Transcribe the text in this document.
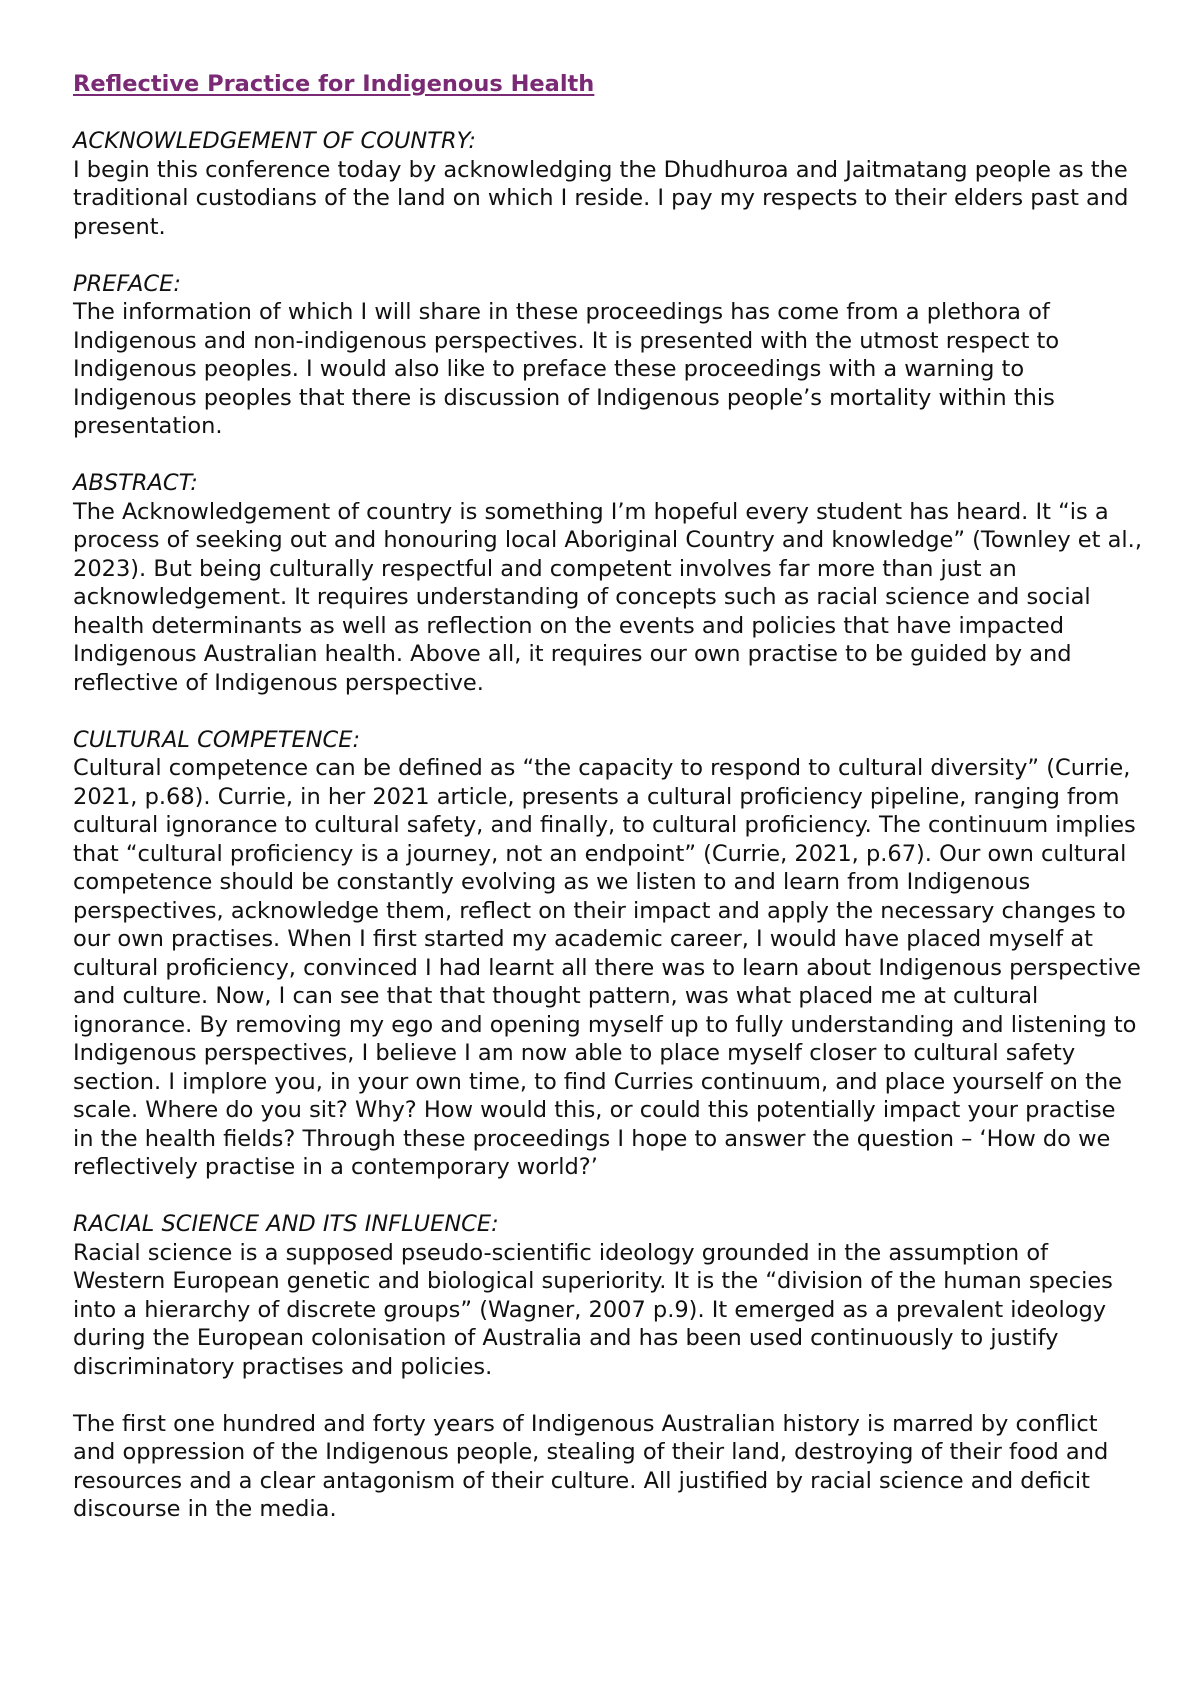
Reflective Practice for Indigenous Health
ACKNOWLEDGEMENT OF COUNTRY:
I begin this conference today by acknowledging the Dhudhuroa and Jaitmatang people as the traditional custodians of the land on which I reside. I pay my respects to their elders past and present.
PREFACE:
The information of which I will share in these proceedings has come from a plethora of Indigenous and non-indigenous perspectives. It is presented with the utmost respect to Indigenous peoples. I would also like to preface these proceedings with a warning to Indigenous peoples that there is discussion of Indigenous people’s mortality within this presentation.
ABSTRACT:
The Acknowledgement of country is something I’m hopeful every student has heard. It “is a process of seeking out and honouring local Aboriginal Country and knowledge” (Townley et al., 2023). But being culturally respectful and competent involves far more than just an acknowledgement. It requires understanding of concepts such as racial science and social health determinants as well as reflection on the events and policies that have impacted Indigenous Australian health. Above all, it requires our own practise to be guided by and reflective of Indigenous perspective.
CULTURAL COMPETENCE:
Cultural competence can be defined as “the capacity to respond to cultural diversity” (Currie, 2021, p.68). Currie, in her 2021 article, presents a cultural proficiency pipeline, ranging from cultural ignorance to cultural safety, and finally, to cultural proficiency. The continuum implies that “cultural proficiency is a journey, not an endpoint” (Currie, 2021, p.67). Our own cultural competence should be constantly evolving as we listen to and learn from Indigenous perspectives, acknowledge them, reflect on their impact and apply the necessary changes to our own practises. When I first started my academic career, I would have placed myself at cultural proficiency, convinced I had learnt all there was to learn about Indigenous perspective and culture. Now, I can see that that thought pattern, was what placed me at cultural ignorance. By removing my ego and opening myself up to fully understanding and listening to Indigenous perspectives, I believe I am now able to place myself closer to cultural safety section. I implore you, in your own time, to find Curries continuum, and place yourself on the scale. Where do you sit? Why? How would this, or could this potentially impact your practise in the health fields? Through these proceedings I hope to answer the question – ‘How do we reflectively practise in a contemporary world?’
RACIAL SCIENCE AND ITS INFLUENCE:
Racial science is a supposed pseudo-scientific ideology grounded in the assumption of Western European genetic and biological superiority. It is the “division of the human species into a hierarchy of discrete groups” (Wagner, 2007 p.9). It emerged as a prevalent ideology during the European colonisation of Australia and has been used continuously to justify discriminatory practises and policies.
The first one hundred and forty years of Indigenous Australian history is marred by conflict and oppression of the Indigenous people, stealing of their land, destroying of their food and resources and a clear antagonism of their culture. All justified by racial science and deficit discourse in the media.
